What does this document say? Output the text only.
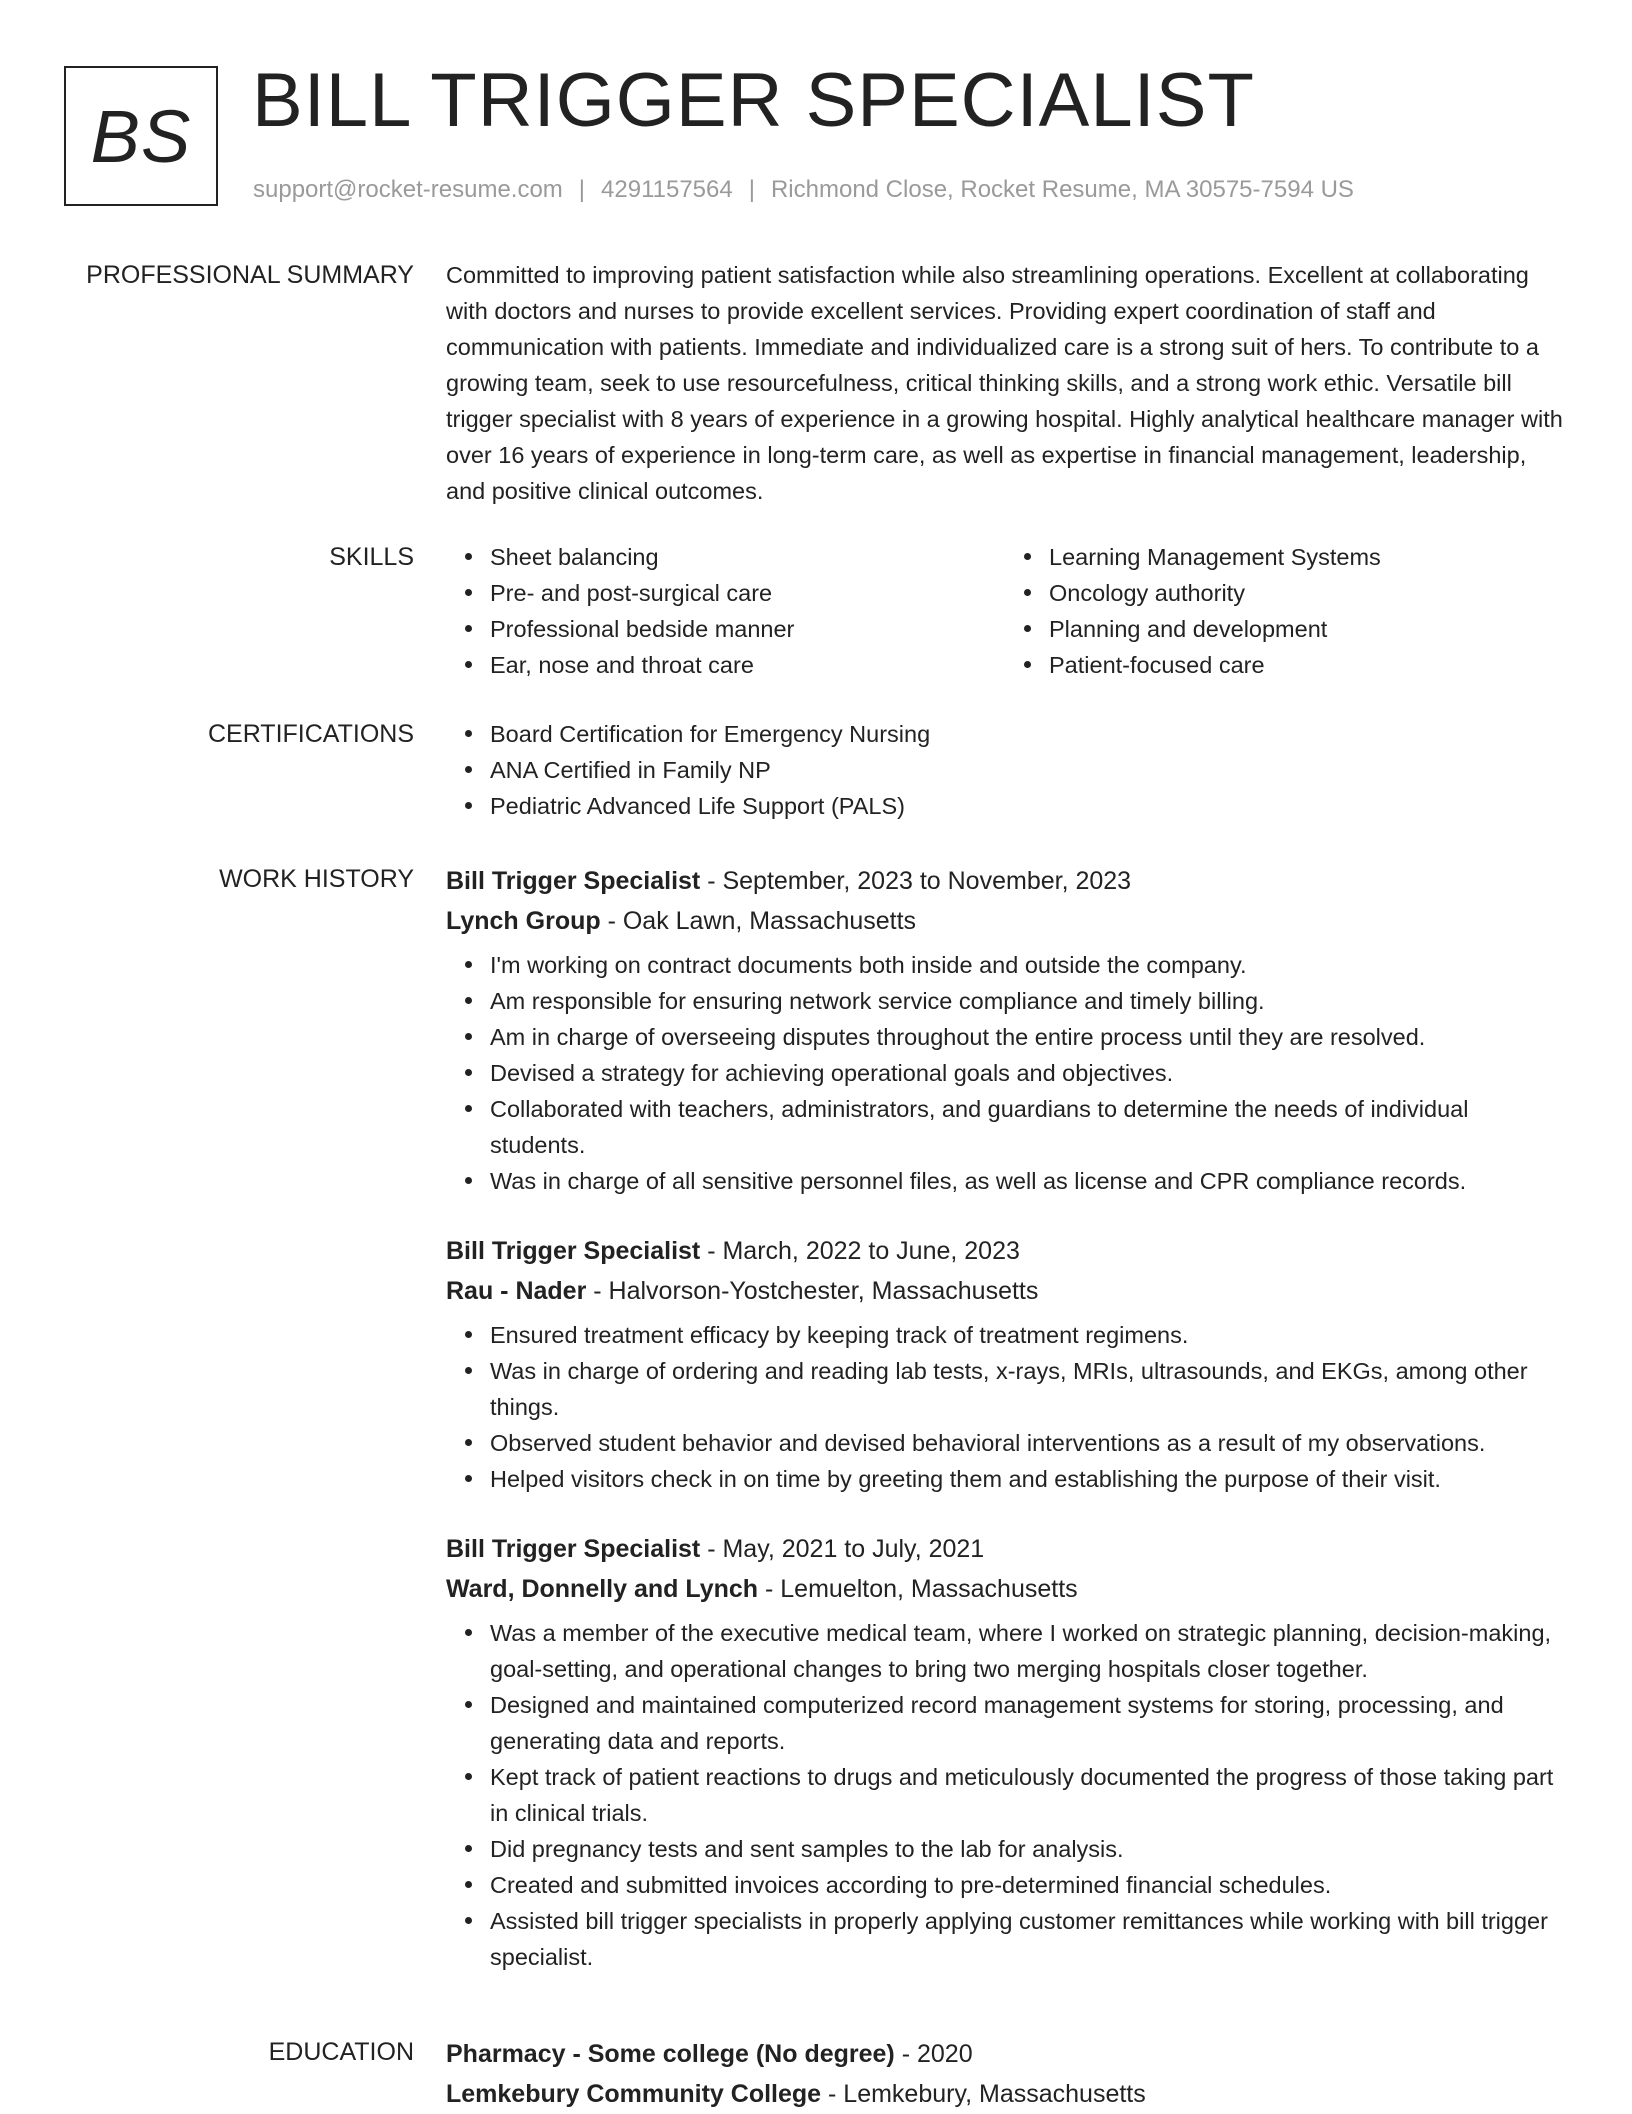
BS BILL TRIGGER SPECIALIST
support@rocket-resume.com | 4291157564 | Richmond Close, Rocket Resume, MA 30575-7594 US
PROFESSIONAL SUMMARY Committed to improving patient satisfaction while also streamlining operations. Excellent at collaborating with doctors and nurses to provide excellent services. Providing expert coordination of staff and communication with patients. Immediate and individualized care is a strong suit of hers. To contribute to a growing team, seek to use resourcefulness, critical thinking skills, and a strong work ethic. Versatile bill trigger specialist with 8 years of experience in a growing hospital. Highly analytical healthcare manager with over 16 years of experience in long-term care, as well as expertise in financial management, leadership, and positive clinical outcomes.

SKILLS	Sheet balancing
Pre- and post-surgical care
Professional bedside manner
Ear, nose and throat care
Learning Management Systems
Oncology authority
Planning and development
Patient-focused care
CERTIFICATIONS	Board Certification for Emergency Nursing
ANA Certified in Family NP
Pediatric Advanced Life Support (PALS)
WORK HISTORY Bill Trigger Specialist - September, 2023 to November, 2023
Lynch Group - Oak Lawn, Massachusetts
I'm working on contract documents both inside and outside the company.
Am responsible for ensuring network service compliance and timely billing.
Am in charge of overseeing disputes throughout the entire process until they are resolved.
Devised a strategy for achieving operational goals and objectives.
Collaborated with teachers, administrators, and guardians to determine the needs of individual students.
Was in charge of all sensitive personnel files, as well as license and CPR compliance records.
Bill Trigger Specialist - March, 2022 to June, 2023
Rau - Nader - Halvorson-Yostchester, Massachusetts
Ensured treatment efficacy by keeping track of treatment regimens.
Was in charge of ordering and reading lab tests, x-rays, MRIs, ultrasounds, and EKGs, among other things.
Observed student behavior and devised behavioral interventions as a result of my observations.
Helped visitors check in on time by greeting them and establishing the purpose of their visit.
Bill Trigger Specialist - May, 2021 to July, 2021
Ward, Donnelly and Lynch - Lemuelton, Massachusetts
Was a member of the executive medical team, where I worked on strategic planning, decision-making, goal-setting, and operational changes to bring two merging hospitals closer together.
Designed and maintained computerized record management systems for storing, processing, and generating data and reports.
Kept track of patient reactions to drugs and meticulously documented the progress of those taking part in clinical trials.
Did pregnancy tests and sent samples to the lab for analysis.
Created and submitted invoices according to pre-determined financial schedules.
Assisted bill trigger specialists in properly applying customer remittances while working with bill trigger specialist.
EDUCATION Pharmacy - Some college (No degree) - 2020
Lemkebury Community College - Lemkebury, Massachusetts
